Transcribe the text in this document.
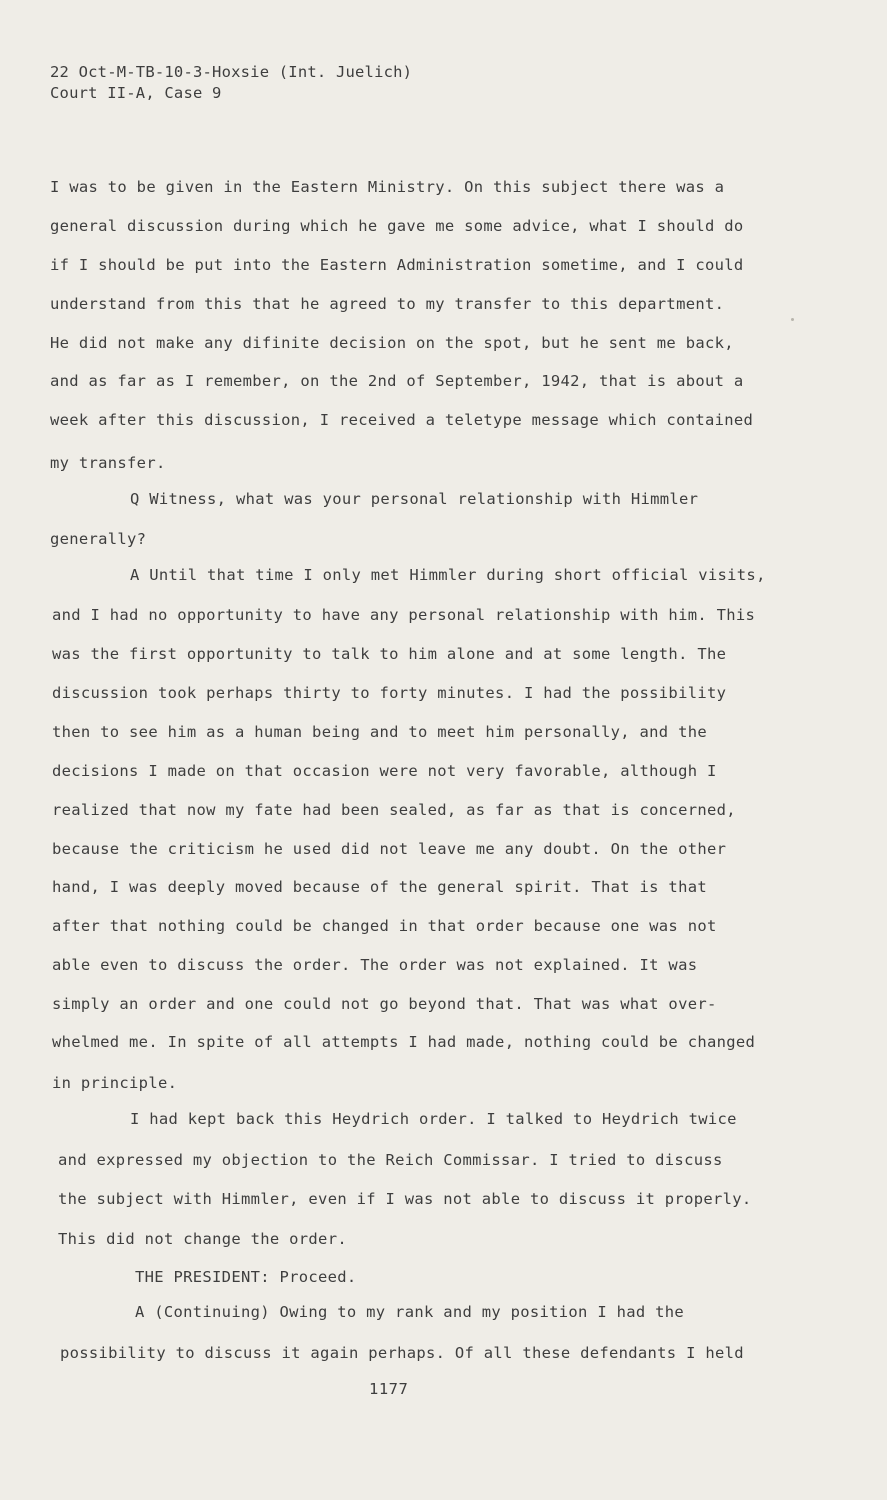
22 Oct-M-TB-10-3-Hoxsie (Int. Juelich)
Court II-A, Case 9
I was to be given in the Eastern Ministry. On this subject there was a
general discussion during which he gave me some advice, what I should do
if I should be put into the Eastern Administration sometime, and I could
understand from this that he agreed to my transfer to this department.
He did not make any difinite decision on the spot, but he sent me back,
and as far as I remember, on the 2nd of September, 1942, that is about a
week after this discussion, I received a teletype message which contained
my transfer.
Q Witness, what was your personal relationship with Himmler
generally?
A Until that time I only met Himmler during short official visits,
and I had no opportunity to have any personal relationship with him. This
was the first opportunity to talk to him alone and at some length. The
discussion took perhaps thirty to forty minutes. I had the possibility
then to see him as a human being and to meet him personally, and the
decisions I made on that occasion were not very favorable, although I
realized that now my fate had been sealed, as far as that is concerned,
because the criticism he used did not leave me any doubt. On the other
hand, I was deeply moved because of the general spirit. That is that
after that nothing could be changed in that order because one was not
able even to discuss the order. The order was not explained. It was
simply an order and one could not go beyond that. That was what over-
whelmed me. In spite of all attempts I had made, nothing could be changed
in principle.
I had kept back this Heydrich order. I talked to Heydrich twice
and expressed my objection to the Reich Commissar. I tried to discuss
the subject with Himmler, even if I was not able to discuss it properly.
This did not change the order.
THE PRESIDENT: Proceed.
A (Continuing) Owing to my rank and my position I had the
possibility to discuss it again perhaps. Of all these defendants I held
1177
